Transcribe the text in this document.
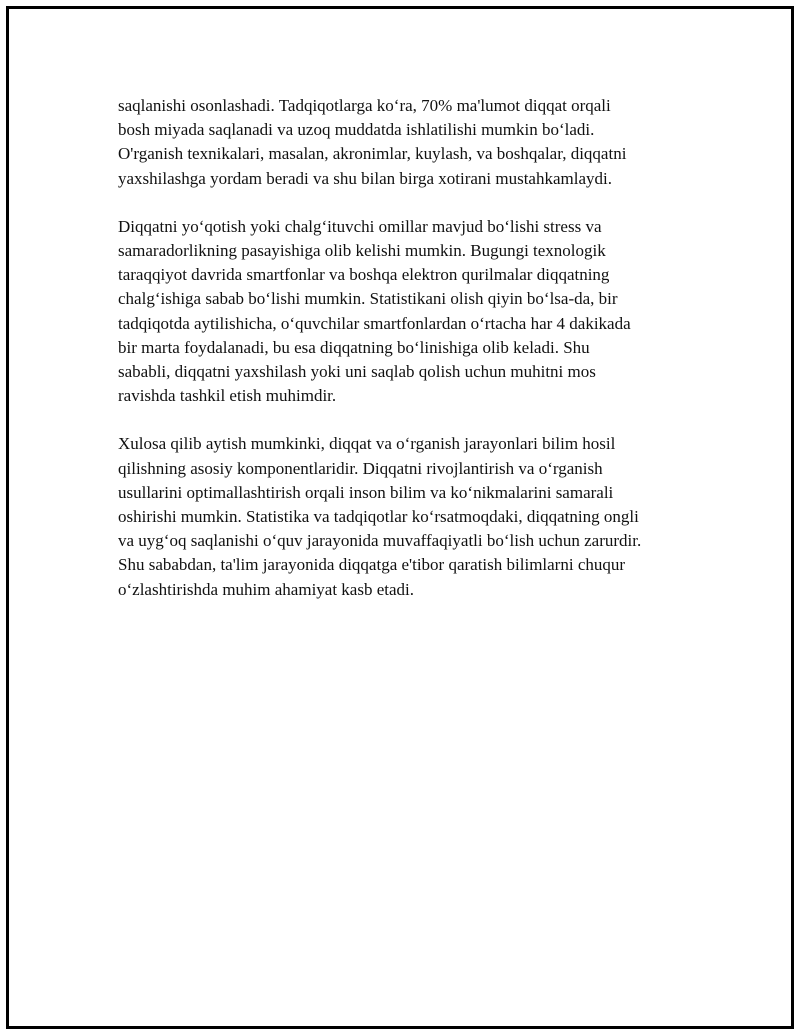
saqlanishi osonlashadi. Tadqiqotlarga ko‘ra, 70% ma'lumot diqqat orqali
bosh miyada saqlanadi va uzoq muddatda ishlatilishi mumkin bo‘ladi.
O'rganish texnikalari, masalan, akronimlar, kuylash, va boshqalar, diqqatni
yaxshilashga yordam beradi va shu bilan birga xotirani mustahkamlaydi.

Diqqatni yo‘qotish yoki chalg‘ituvchi omillar mavjud bo‘lishi stress va
samaradorlikning pasayishiga olib kelishi mumkin. Bugungi texnologik
taraqqiyot davrida smartfonlar va boshqa elektron qurilmalar diqqatning
chalg‘ishiga sabab bo‘lishi mumkin. Statistikani olish qiyin bo‘lsa-da, bir
tadqiqotda aytilishicha, o‘quvchilar smartfonlardan o‘rtacha har 4 dakikada
bir marta foydalanadi, bu esa diqqatning bo‘linishiga olib keladi. Shu
sababli, diqqatni yaxshilash yoki uni saqlab qolish uchun muhitni mos
ravishda tashkil etish muhimdir.

Xulosa qilib aytish mumkinki, diqqat va o‘rganish jarayonlari bilim hosil
qilishning asosiy komponentlaridir. Diqqatni rivojlantirish va o‘rganish
usullarini optimallashtirish orqali inson bilim va ko‘nikmalarini samarali
oshirishi mumkin. Statistika va tadqiqotlar ko‘rsatmoqdaki, diqqatning ongli
va uyg‘oq saqlanishi o‘quv jarayonida muvaffaqiyatli bo‘lish uchun zarurdir.
Shu sababdan, ta'lim jarayonida diqqatga e'tibor qaratish bilimlarni chuqur
o‘zlashtirishda muhim ahamiyat kasb etadi.
